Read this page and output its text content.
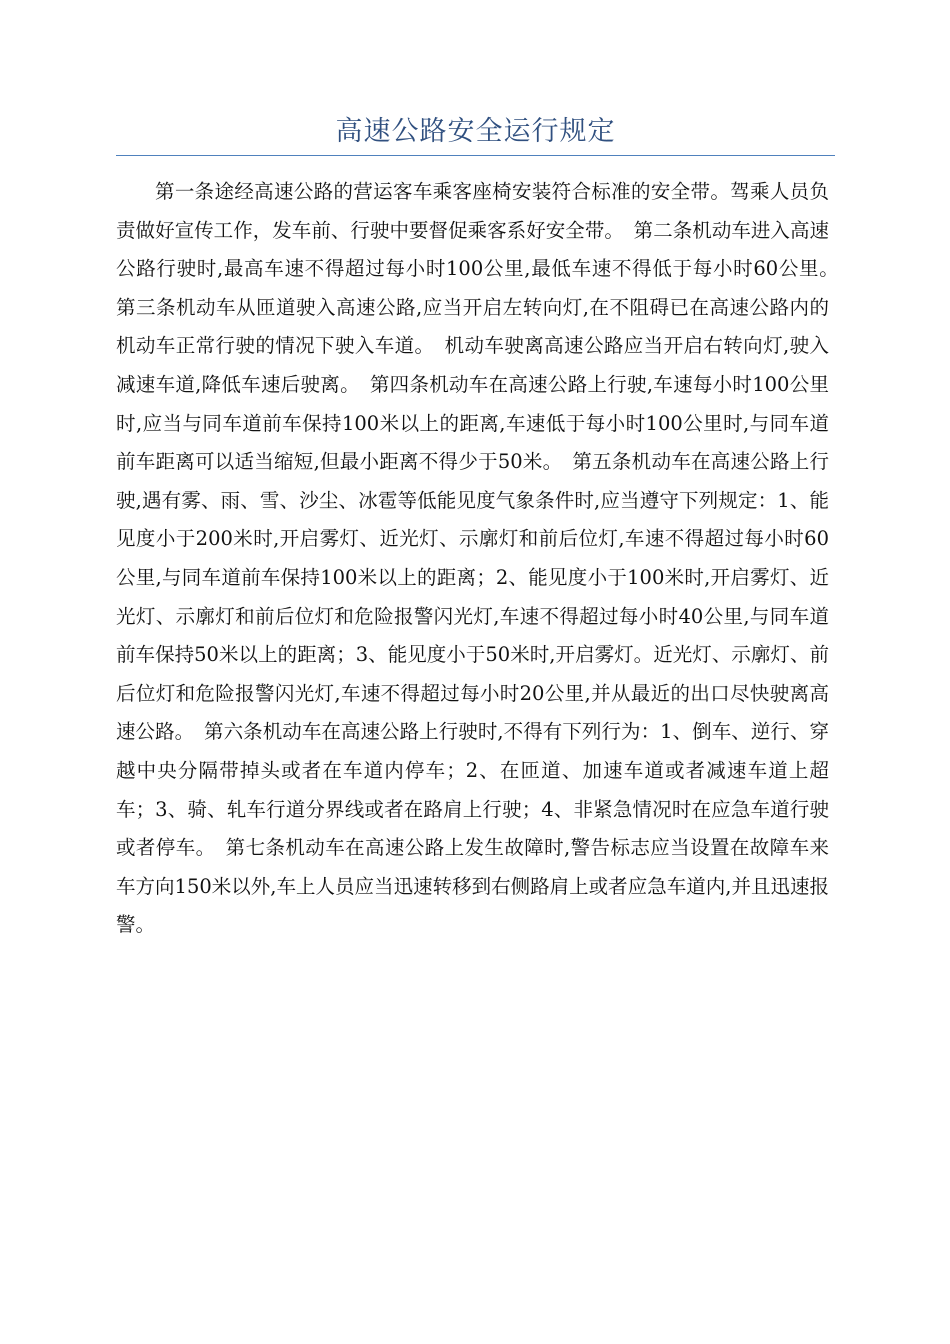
高速公路安全运行规定

第一条途经高速公路的营运客车乘客座椅安装符合标准的安全带。驾乘人员负责做好宣传工作，发车前、行驶中要督促乘客系好安全带。　第二条机动车进入高速公路行驶时,最高车速不得超过每小时100公里,最低车速不得低于每小时60公里。　第三条机动车从匝道驶入高速公路,应当开启左转向灯,在不阻碍已在高速公路内的机动车正常行驶的情况下驶入车道。　机动车驶离高速公路应当开启右转向灯,驶入减速车道,降低车速后驶离。　第四条机动车在高速公路上行驶,车速每小时100公里时,应当与同车道前车保持100米以上的距离,车速低于每小时100公里时,与同车道前车距离可以适当缩短,但最小距离不得少于50米。　第五条机动车在高速公路上行驶,遇有雾、雨、雪、沙尘、冰雹等低能见度气象条件时,应当遵守下列规定：1、能见度小于200米时,开启雾灯、近光灯、示廓灯和前后位灯,车速不得超过每小时60公里,与同车道前车保持100米以上的距离；2、能见度小于100米时,开启雾灯、近光灯、示廓灯和前后位灯和危险报警闪光灯,车速不得超过每小时40公里,与同车道前车保持50米以上的距离；3、能见度小于50米时,开启雾灯。近光灯、示廓灯、前后位灯和危险报警闪光灯,车速不得超过每小时20公里,并从最近的出口尽快驶离高速公路。　第六条机动车在高速公路上行驶时,不得有下列行为：1、倒车、逆行、穿越中央分隔带掉头或者在车道内停车；2、在匝道、加速车道或者减速车道上超车；3、骑、轧车行道分界线或者在路肩上行驶；4、非紧急情况时在应急车道行驶或者停车。　第七条机动车在高速公路上发生故障时,警告标志应当设置在故障车来车方向150米以外,车上人员应当迅速转移到右侧路肩上或者应急车道内,并且迅速报警。
